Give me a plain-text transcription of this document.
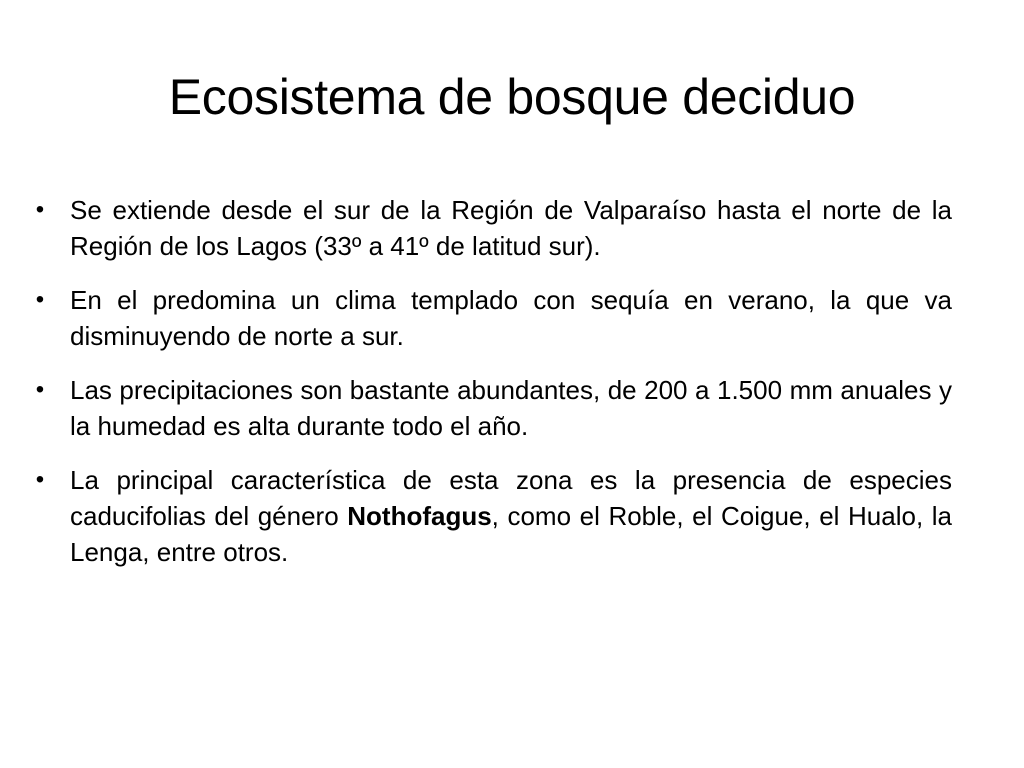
Ecosistema de bosque deciduo
• Se extiende desde el sur de la Región de Valparaíso hasta el norte de la Región de los Lagos (33º a 41º de latitud sur).
• En el predomina un clima templado con sequía en verano, la que va disminuyendo de norte a sur.
• Las precipitaciones son bastante abundantes, de 200 a 1.500 mm anuales y la humedad es alta durante todo el año.
• La principal característica de esta zona es la presencia de especies caducifolias del género Nothofagus, como el Roble, el Coigue, el Hualo, la Lenga, entre otros.
